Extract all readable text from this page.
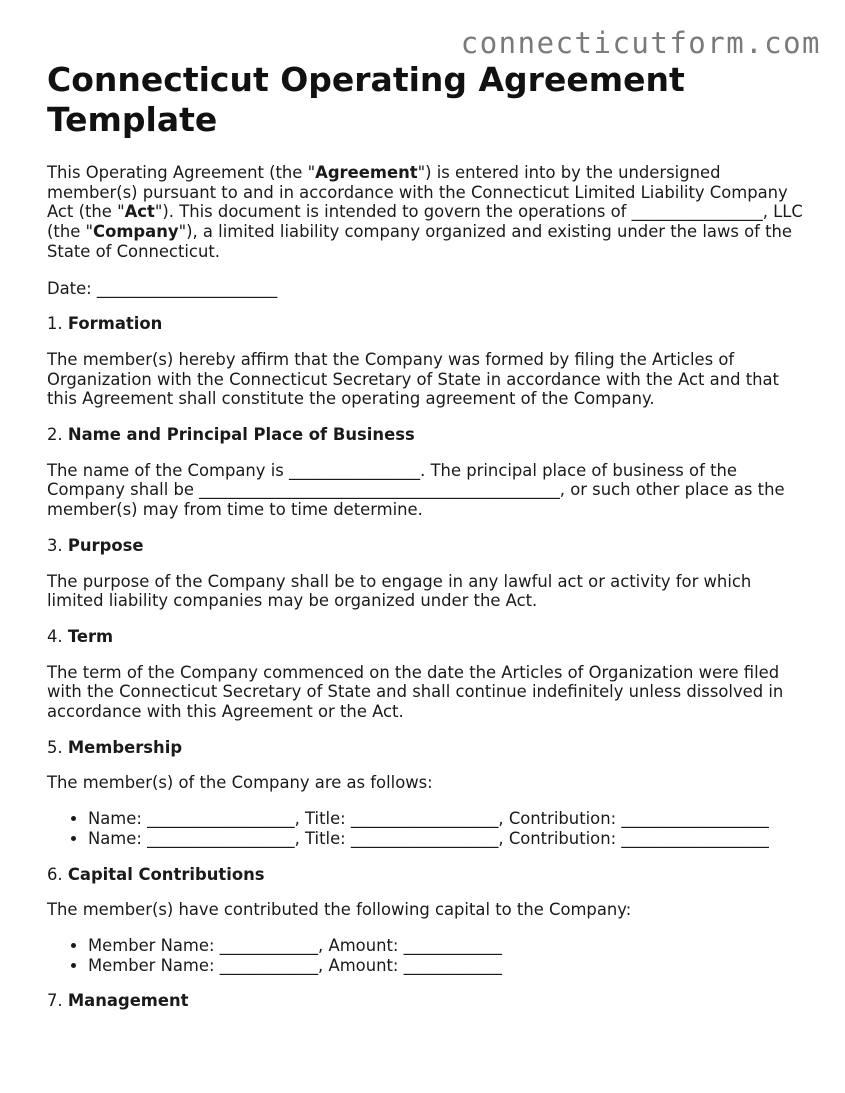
connecticutform.com
Connecticut Operating Agreement Template

This Operating Agreement (the "Agreement") is entered into by the undersigned member(s) pursuant to and in accordance with the Connecticut Limited Liability Company Act (the "Act"). This document is intended to govern the operations of ________________, LLC (the "Company"), a limited liability company organized and existing under the laws of the State of Connecticut.

Date: ______________________

1. Formation

The member(s) hereby affirm that the Company was formed by filing the Articles of Organization with the Connecticut Secretary of State in accordance with the Act and that this Agreement shall constitute the operating agreement of the Company.

2. Name and Principal Place of Business

The name of the Company is ________________. The principal place of business of the Company shall be ____________________________________________, or such other place as the member(s) may from time to time determine.

3. Purpose

The purpose of the Company shall be to engage in any lawful act or activity for which limited liability companies may be organized under the Act.

4. Term

The term of the Company commenced on the date the Articles of Organization were filed with the Connecticut Secretary of State and shall continue indefinitely unless dissolved in accordance with this Agreement or the Act.

5. Membership

The member(s) of the Company are as follows:

• Name: __________________, Title: __________________, Contribution: __________________
• Name: __________________, Title: __________________, Contribution: __________________

6. Capital Contributions

The member(s) have contributed the following capital to the Company:

• Member Name: ____________, Amount: ____________
• Member Name: ____________, Amount: ____________

7. Management
